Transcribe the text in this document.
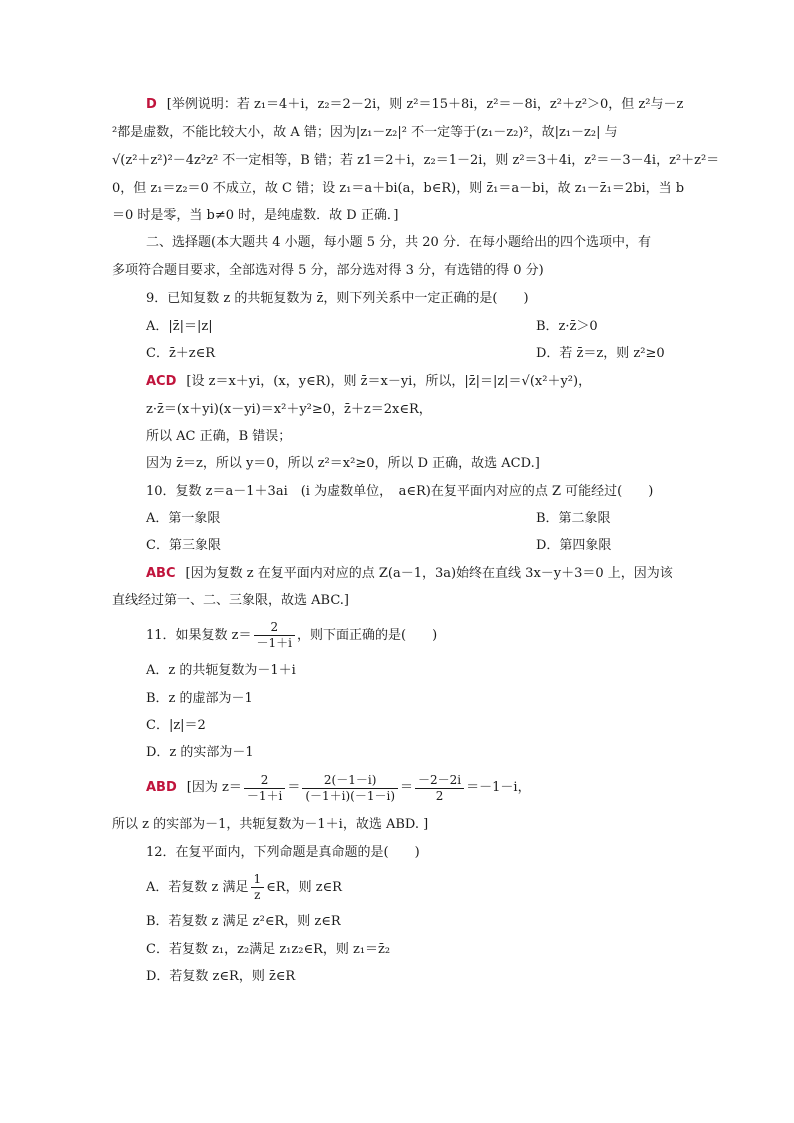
D [举例说明：若 z₁＝4＋i，z₂＝2－2i，则 z²＝15＋8i，z²＝－8i，z²＋z²＞0，但 z²与－z
²都是虚数，不能比较大小，故 A 错；因为|z₁－z₂|² 不一定等于(z₁－z₂)²，故|z₁－z₂| 与
√(z²＋z²)²－4z²z² 不一定相等，B 错；若 z1＝2＋i，z₂＝1－2i，则 z²＝3＋4i，z²＝－3－4i，z²＋z²＝
0，但 z₁＝z₂＝0 不成立，故 C 错；设 z₁＝a＋bi(a，b∈R)，则 z̄₁＝a－bi，故 z₁－z̄₁＝2bi，当 b
＝0 时是零，当 b≠0 时，是纯虚数．故 D 正确．]
二、选择题(本大题共 4 小题，每小题 5 分，共 20 分．在每小题给出的四个选项中，有
多项符合题目要求，全部选对得 5 分，部分选对得 3 分，有选错的得 0 分)
9．已知复数 z 的共轭复数为 z̄，则下列关系中一定正确的是(　　)
A．|z̄|＝|z|	B．z·z̄＞0
C．z̄＋z∈R	D．若 z̄＝z，则 z²≥0
ACD [设 z＝x＋yi，(x，y∈R)，则 z̄＝x－yi，所以，|z̄|＝|z|＝√(x²＋y²)，
z·z̄＝(x＋yi)(x－yi)＝x²＋y²≥0，z̄＋z＝2x∈R，
所以 AC 正确，B 错误；
因为 z̄＝z，所以 y＝0，所以 z²＝x²≥0，所以 D 正确，故选 ACD.]
10．复数 z＝a－1＋3ai　(i 为虚数单位，　a∈R)在复平面内对应的点 Z 可能经过(　　)
A．第一象限	B．第二象限
C．第三象限	D．第四象限
ABC [因为复数 z 在复平面内对应的点 Z(a－1，3a)始终在直线 3x－y＋3＝0 上，因为该
直线经过第一、二、三象限，故选 ABC.]
11．如果复数 $z= \frac{2}{-1+i}$ ，则下面正确的是(　　)
A．z 的共轭复数为－1＋i
B．z 的虚部为－1
C．|z|＝2
D．z 的实部为－1
ABD [因为 $z= \frac{2}{-1+i} = \frac{2(-1-i)}{(-1+i)(-1-i)} = \frac{-2-2i}{2} =-1-i$，
所以 z 的实部为－1，共轭复数为－1＋i，故选 ABD. ]
12．在复平面内，下列命题是真命题的是(　　)
A．若复数 z 满足 $\frac{1}{z}$ ∈R，则 z∈R
B．若复数 z 满足 z²∈R，则 z∈R
C．若复数 z₁，z₂满足 z₁z₂∈R，则 z₁＝z̄₂
D．若复数 z∈R，则 z̄∈R
